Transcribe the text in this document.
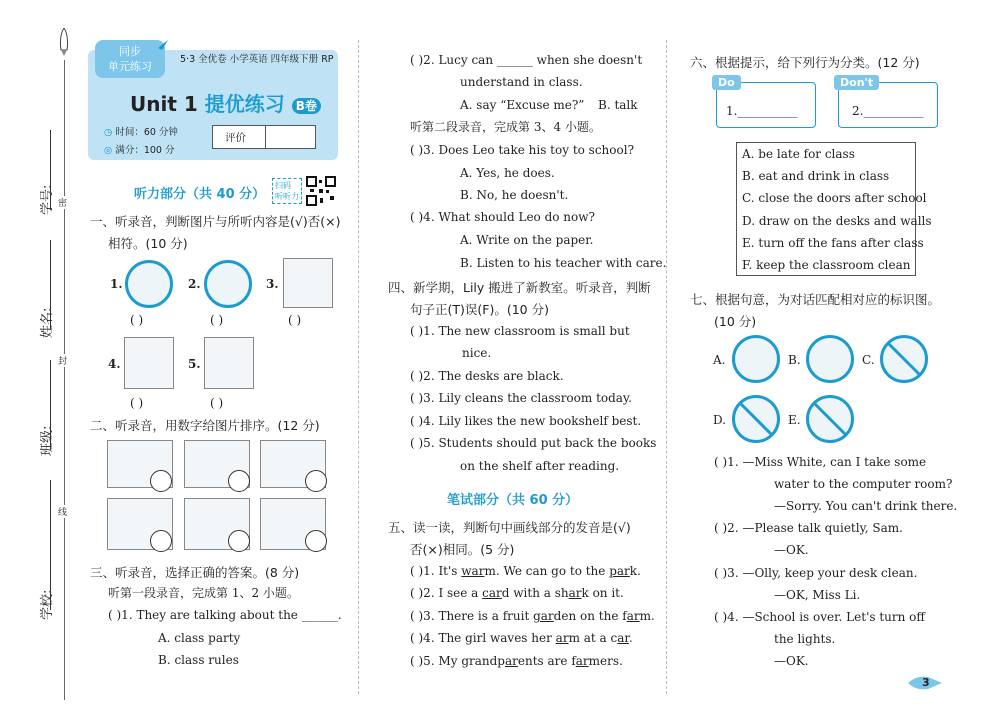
学号:
姓名:
班级:
学校:
密
封
线
同步
单元练习
5·3 全优卷 小学英语 四年级下册 RP
Unit 1 提优练习 B卷
◷ 时间：60 分钟
◎ 满分：100 分
评价
听力部分（共 40 分）
扫码
听听力
一、听录音，判断图片与所听内容是(√)否(×)
相符。(10 分)
1.
( )
2.
( )
3.
( )
4.
( )
5.
( )
二、听录音，用数字给图片排序。(12 分)
三、听录音，选择正确的答案。(8 分)
听第一段录音，完成第 1、2 小题。
( )1. They are talking about the ______.
A. class party
B. class rules
( )2. Lucy can ______ when she doesn't
understand in class.
A. say “Excuse me?” B. talk
听第二段录音，完成第 3、4 小题。
( )3. Does Leo take his toy to school?
A. Yes, he does.
B. No, he doesn't.
( )4. What should Leo do now?
A. Write on the paper.
B. Listen to his teacher with care.
四、新学期，Lily 搬进了新教室。听录音，判断
句子正(T)误(F)。(10 分)
( )1. The new classroom is small but
nice.
( )2. The desks are black.
( )3. Lily cleans the classroom today.
( )4. Lily likes the new bookshelf best.
( )5. Students should put back the books
on the shelf after reading.
笔试部分（共 60 分）
五、读一读，判断句中画线部分的发音是(√)
否(×)相同。(5 分)
( )1. It's warm. We can go to the park.
( )2. I see a card with a shark on it.
( )3. There is a fruit garden on the farm.
( )4. The girl waves her arm at a car.
( )5. My grandparents are farmers.
六、根据提示，给下列行为分类。(12 分)
Do
1.__________
Don't
2.__________
A. be late for class
B. eat and drink in class
C. close the doors after school
D. draw on the desks and walls
E. turn off the fans after class
F. keep the classroom clean
七、根据句意，为对话匹配相对应的标识图。
(10 分)
A.	B.	C.
D.	E.
( )1. —Miss White, can I take some
water to the computer room?
—Sorry. You can't drink there.
( )2. —Please talk quietly, Sam.
—OK.
( )3. —Olly, keep your desk clean.
—OK, Miss Li.
( )4. —School is over. Let's turn off
the lights.
—OK.
3
